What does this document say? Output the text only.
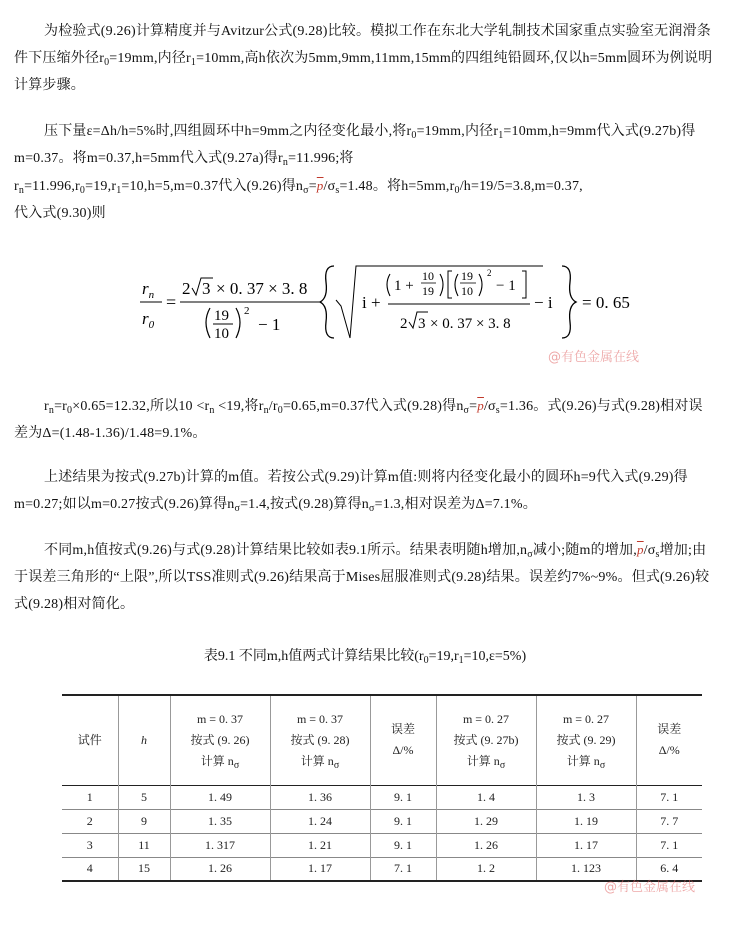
为检验式(9.26)计算精度并与Avitzur公式(9.28)比较。模拟工作在东北大学轧制技术国家重点实验室无润滑条件下压缩外径$r_0=19mm$,内径$r_1=10mm$,高h依次为5mm,9mm,11mm,15mm的四组纯铅圆环,仅以h=5mm圆环为例说明计算步骤。
压下量ε=Δh/h=5%时,四组圆环中h=9mm之内径变化最小,将$r_0=19mm$,内径$r_1=10mm,h=9mm$代入式(9.27b)得m=0.37。将m=0.37,h=5mm代入式(9.27a)得$r_n=11.996$;将
$r_n=11.996,r_0=19,r_1=10,h=5,m=0.37$代入(9.26)得$n_\sigma=\overline{p}/\sigma_s=1.48$。将$h=5mm,r_0/h=19/5=3.8,m=0.37$,
代入式(9.30)则
$r_n$
$r_0$
=
2 3 × 0. 37 × 3. 8
19
10
2
− 1
i +
1 +
10
19
19
10
2
− 1
2 3 × 0. 37 × 3. 8
− i = 0. 65
@有色金属在线
$r_n=r_0\times 0.65=12.32$,所以$10 <r_n <19$,将$r_n/r_0=0.65,m=0.37$代入式(9.28)得$n_\sigma=\overline{p}/\sigma_s=1.36$。式(9.26)与式(9.28)相对误差为Δ=(1.48-1.36)/1.48=9.1%。
上述结果为按式(9.27b)计算的m值。若按公式(9.29)计算m值:则将内径变化最小的圆环h=9代入式(9.29)得m=0.27;如以m=0.27按式(9.26)算得$n_\sigma=1.4$,按式(9.28)算得$n_\sigma=1.3$,相对误差为Δ=7.1%。
不同m,h值按式(9.26)与式(9.28)计算结果比较如表9.1所示。结果表明随h增加$,n_\sigma$减小;随m的增加$,\overline{p}/\sigma_s$增加;由于误差三角形的“上限”,所以TSS准则式(9.26)结果高于Mises屈服准则式(9.28)结果。误差约7%~9%。但式(9.26)较式(9.28)相对简化。
表9.1 不同m,h值两式计算结果比较$(r_0=19,r_1=10,\varepsilon=5\%)$
试件	h	m = 0. 37
按式 (9. 26)
计算 $n_\sigma$	m = 0. 37
按式 (9. 28)
计算 $n_\sigma$	误差
Δ/%	m = 0. 27
按式 (9. 27b)
计算 $n_\sigma$	m = 0. 27
按式 (9. 29)
计算 $n_\sigma$	误差
Δ/%
1	5	1. 49	1. 36	9. 1	1. 4	1. 3	7. 1
2	9	1. 35	1. 24	9. 1	1. 29	1. 19	7. 7
3	11	1. 317	1. 21	9. 1	1. 26	1. 17	7. 1
4	15	1. 26	1. 17	7. 1	1. 2	1. 123	6. 4
@有色金属在线
